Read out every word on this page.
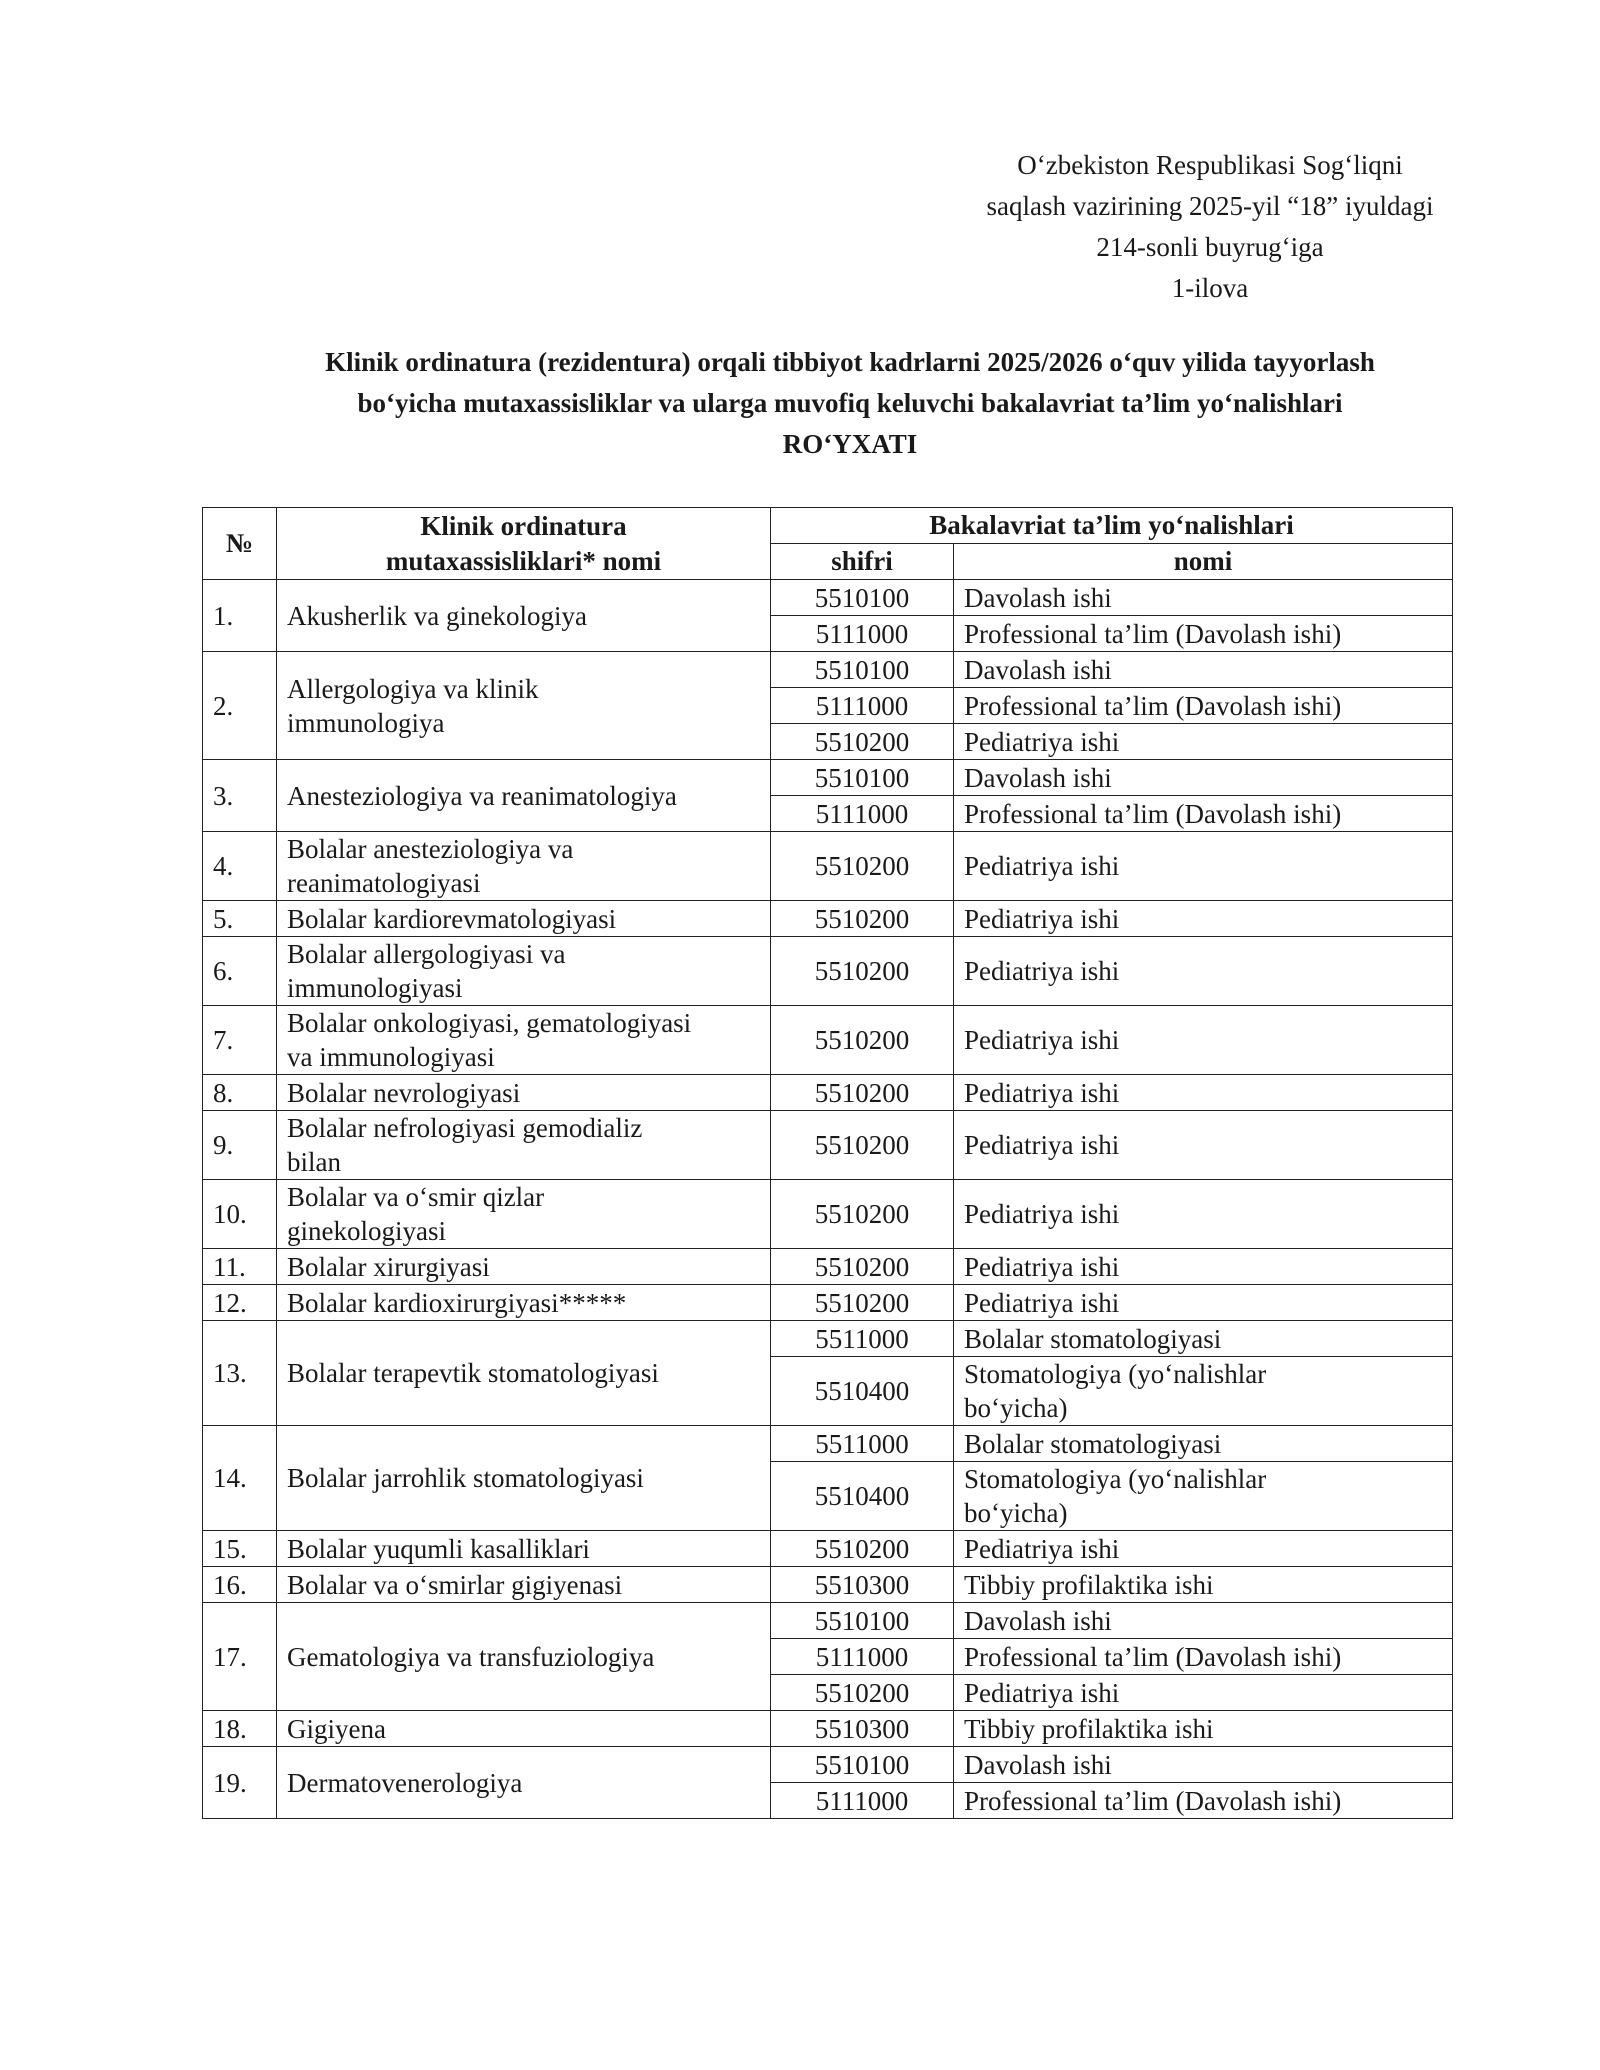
O‘zbekiston Respublikasi Sog‘liqni
saqlash vazirining 2025-yil “18” iyuldagi
214-sonli buyrug‘iga
1-ilova
Klinik ordinatura (rezidentura) orqali tibbiyot kadrlarni 2025/2026 o‘quv yilida tayyorlash
bo‘yicha mutaxassisliklar va ularga muvofiq keluvchi bakalavriat ta’lim yo‘nalishlari
RO‘YXATI
№	Klinik ordinatura
mutaxassisliklari* nomi	Bakalavriat ta’lim yo‘nalishlari	
		shifri	nomi
1.	Akusherlik va ginekologiya	5510100	Davolash ishi
		5111000	Professional ta’lim (Davolash ishi)
2.	Allergologiya va klinik
immunologiya	5510100	Davolash ishi
		5111000	Professional ta’lim (Davolash ishi)
		5510200	Pediatriya ishi
3.	Anesteziologiya va reanimatologiya	5510100	Davolash ishi
		5111000	Professional ta’lim (Davolash ishi)
4.	Bolalar anesteziologiya va
reanimatologiyasi	5510200	Pediatriya ishi
5.	Bolalar kardiorevmatologiyasi	5510200	Pediatriya ishi
6.	Bolalar allergologiyasi va
immunologiyasi	5510200	Pediatriya ishi
7.	Bolalar onkologiyasi, gematologiyasi
va immunologiyasi	5510200	Pediatriya ishi
8.	Bolalar nevrologiyasi	5510200	Pediatriya ishi
9.	Bolalar nefrologiyasi gemodializ
bilan	5510200	Pediatriya ishi
10.	Bolalar va o‘smir qizlar
ginekologiyasi	5510200	Pediatriya ishi
11.	Bolalar xirurgiyasi	5510200	Pediatriya ishi
12.	Bolalar kardioxirurgiyasi*****	5510200	Pediatriya ishi
13.	Bolalar terapevtik stomatologiyasi	5511000	Bolalar stomatologiyasi
		5510400	Stomatologiya (yo‘nalishlar
bo‘yicha)

14.	Bolalar jarrohlik stomatologiyasi	5511000	Bolalar stomatologiyasi
		5510400	Stomatologiya (yo‘nalishlar
bo‘yicha)

15.	Bolalar yuqumli kasalliklari	5510200	Pediatriya ishi
16.	Bolalar va o‘smirlar gigiyenasi	5510300	Tibbiy profilaktika ishi
17.	Gematologiya va transfuziologiya	5510100	Davolash ishi
		5111000	Professional ta’lim (Davolash ishi)
		5510200	Pediatriya ishi
18.	Gigiyena	5510300	Tibbiy profilaktika ishi
19.	Dermatovenerologiya	5510100	Davolash ishi
		5111000	Professional ta’lim (Davolash ishi)
